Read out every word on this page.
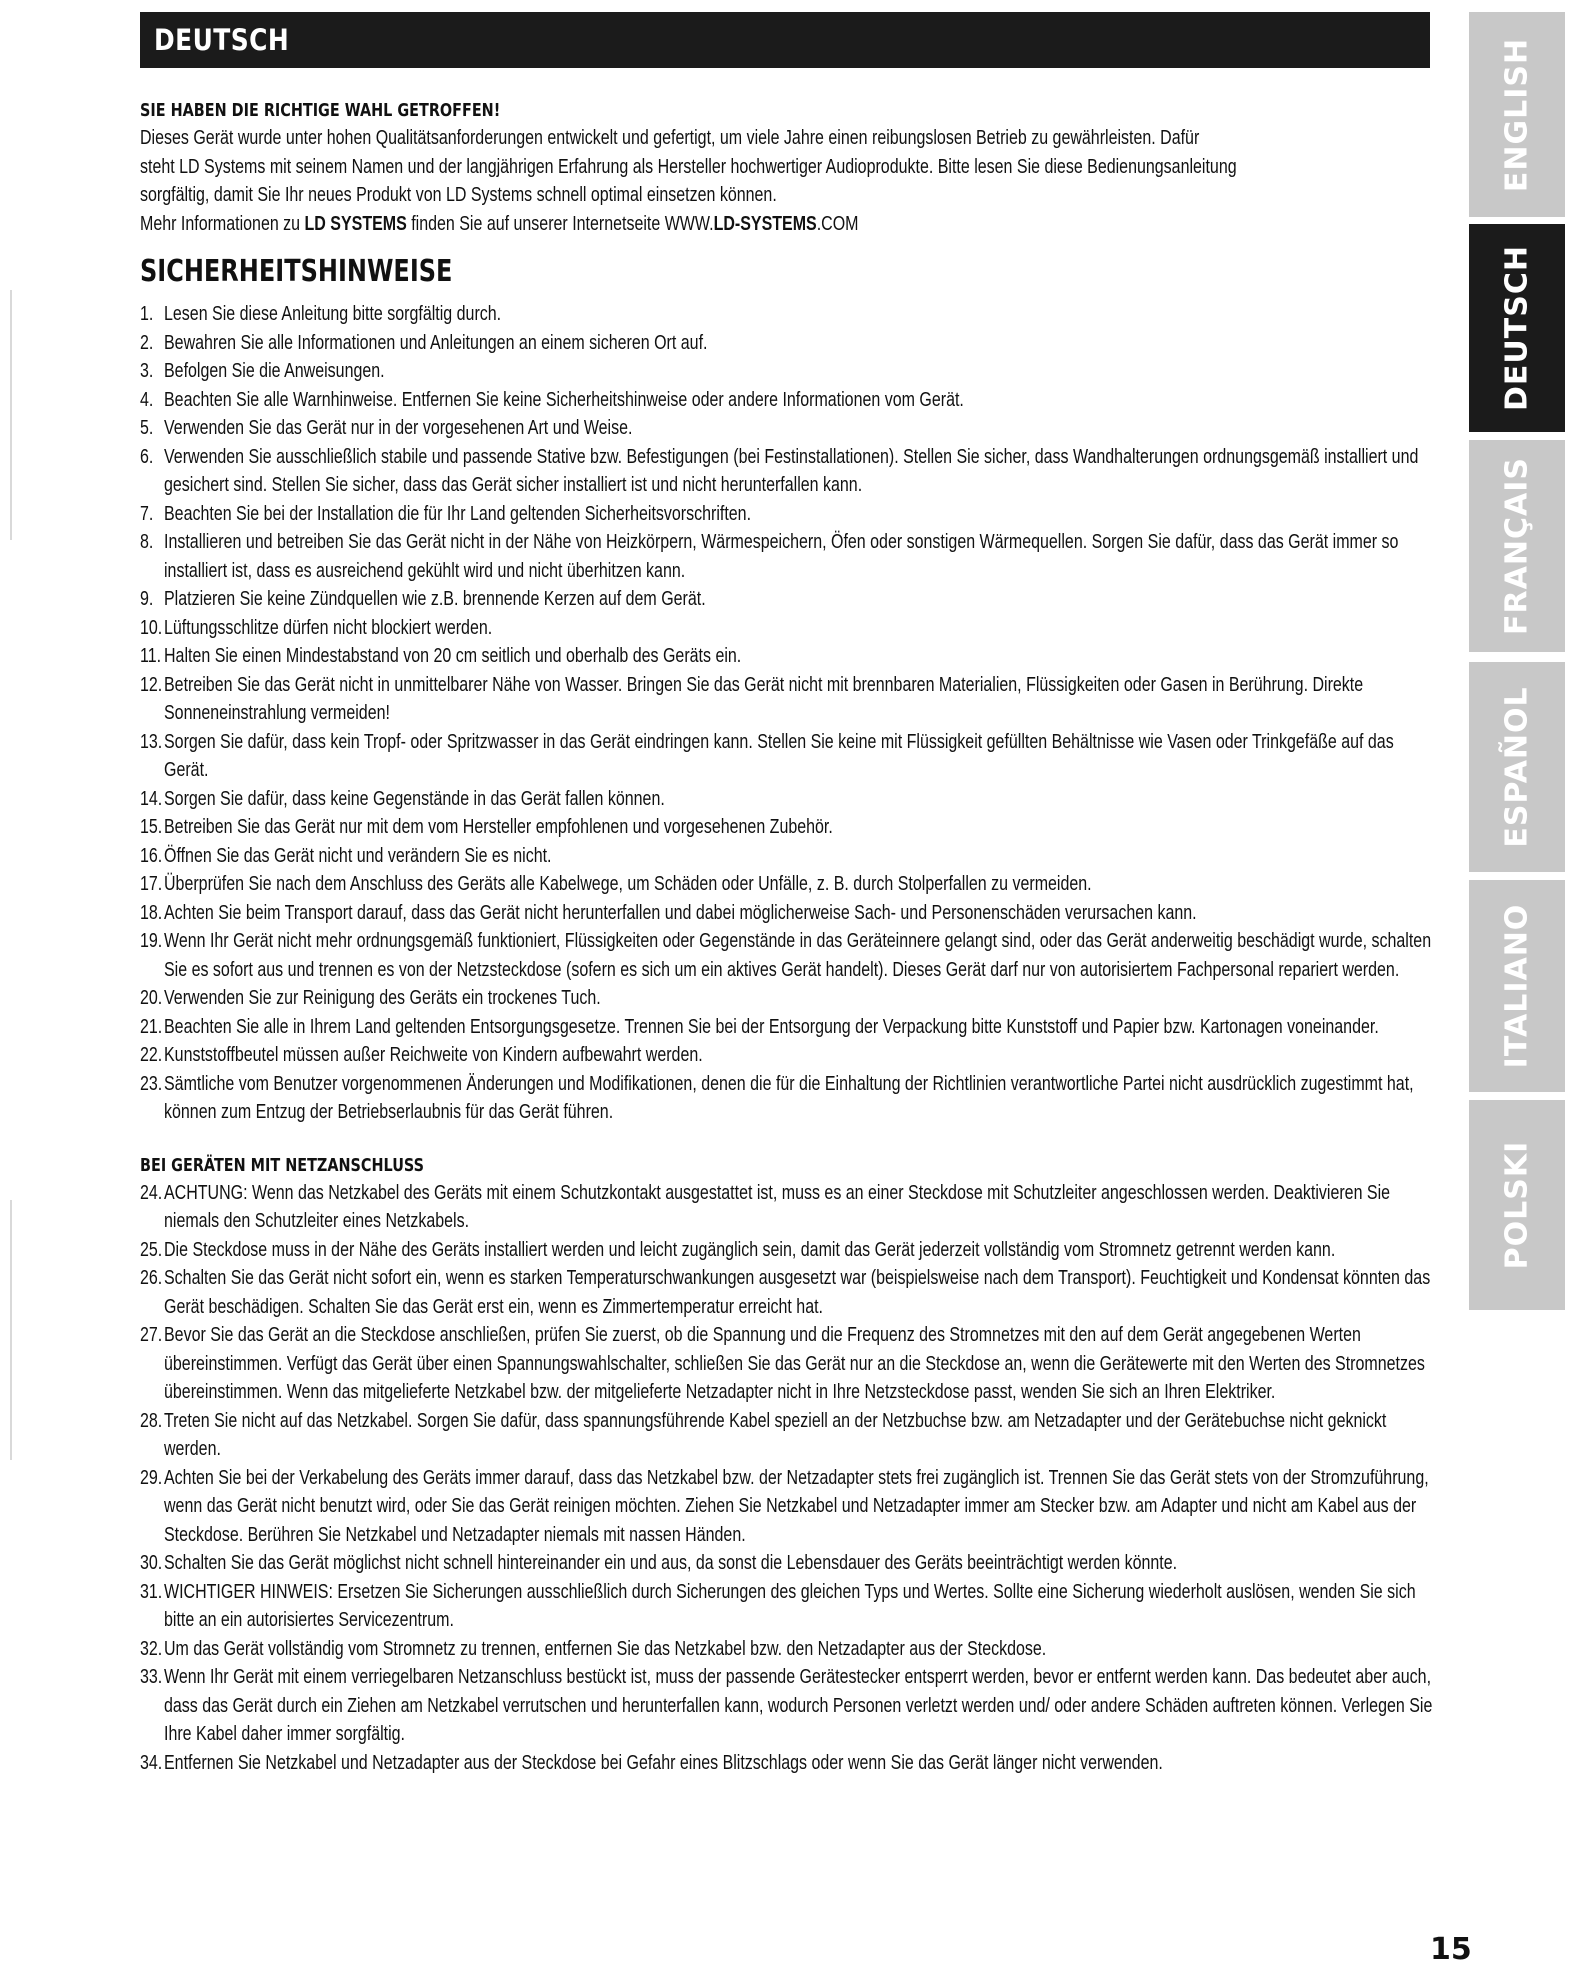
DEUTSCH
SIE HABEN DIE RICHTIGE WAHL GETROFFEN!

Dieses Gerät wurde unter hohen Qualitätsanforderungen entwickelt und gefertigt, um viele Jahre einen reibungslosen Betrieb zu gewährleisten. Dafür

steht LD Systems mit seinem Namen und der langjährigen Erfahrung als Hersteller hochwertiger Audioprodukte. Bitte lesen Sie diese Bedienungsanleitung

sorgfältig, damit Sie Ihr neues Produkt von LD Systems schnell optimal einsetzen können.

Mehr Informationen zu LD SYSTEMS finden Sie auf unserer Internetseite WWW.LD-SYSTEMS.COM

SICHERHEITSHINWEISE
1. Lesen Sie diese Anleitung bitte sorgfältig durch.
2. Bewahren Sie alle Informationen und Anleitungen an einem sicheren Ort auf.
3. Befolgen Sie die Anweisungen.
4. Beachten Sie alle Warnhinweise. Entfernen Sie keine Sicherheitshinweise oder andere Informationen vom Gerät.
5. Verwenden Sie das Gerät nur in der vorgesehenen Art und Weise.
6. Verwenden Sie ausschließlich stabile und passende Stative bzw. Befestigungen (bei Festinstallationen). Stellen Sie sicher, dass Wandhalterungen ordnungsgemäß installiert und gesichert sind. Stellen Sie sicher, dass das Gerät sicher installiert ist und nicht herunterfallen kann.
7. Beachten Sie bei der Installation die für Ihr Land geltenden Sicherheitsvorschriften.
8. Installieren und betreiben Sie das Gerät nicht in der Nähe von Heizkörpern, Wärmespeichern, Öfen oder sonstigen Wärmequellen. Sorgen Sie dafür, dass das Gerät immer so installiert ist, dass es ausreichend gekühlt wird und nicht überhitzen kann.
9. Platzieren Sie keine Zündquellen wie z.B. brennende Kerzen auf dem Gerät.
10. Lüftungsschlitze dürfen nicht blockiert werden.
11. Halten Sie einen Mindestabstand von 20 cm seitlich und oberhalb des Geräts ein.
12. Betreiben Sie das Gerät nicht in unmittelbarer Nähe von Wasser. Bringen Sie das Gerät nicht mit brennbaren Materialien, Flüssigkeiten oder Gasen in Berührung. Direkte Sonneneinstrahlung vermeiden!
13. Sorgen Sie dafür, dass kein Tropf- oder Spritzwasser in das Gerät eindringen kann. Stellen Sie keine mit Flüssigkeit gefüllten Behältnisse wie Vasen oder Trinkgefäße auf das Gerät.
14. Sorgen Sie dafür, dass keine Gegenstände in das Gerät fallen können.
15. Betreiben Sie das Gerät nur mit dem vom Hersteller empfohlenen und vorgesehenen Zubehör.
16. Öffnen Sie das Gerät nicht und verändern Sie es nicht.
17. Überprüfen Sie nach dem Anschluss des Geräts alle Kabelwege, um Schäden oder Unfälle, z. B. durch Stolperfallen zu vermeiden.
18. Achten Sie beim Transport darauf, dass das Gerät nicht herunterfallen und dabei möglicherweise Sach- und Personenschäden verursachen kann.
19. Wenn Ihr Gerät nicht mehr ordnungsgemäß funktioniert, Flüssigkeiten oder Gegenstände in das Geräteinnere gelangt sind, oder das Gerät anderweitig beschädigt wurde, schalten Sie es sofort aus und trennen es von der Netzsteckdose (sofern es sich um ein aktives Gerät handelt). Dieses Gerät darf nur von autorisiertem Fachpersonal repariert werden.
20. Verwenden Sie zur Reinigung des Geräts ein trockenes Tuch.
21. Beachten Sie alle in Ihrem Land geltenden Entsorgungsgesetze. Trennen Sie bei der Entsorgung der Verpackung bitte Kunststoff und Papier bzw. Kartonagen voneinander.
22. Kunststoffbeutel müssen außer Reichweite von Kindern aufbewahrt werden.
23. Sämtliche vom Benutzer vorgenommenen Änderungen und Modifikationen, denen die für die Einhaltung der Richtlinien verantwortliche Partei nicht ausdrücklich zugestimmt hat, können zum Entzug der Betriebserlaubnis für das Gerät führen.
BEI GERÄTEN MIT NETZANSCHLUSS
24. ACHTUNG: Wenn das Netzkabel des Geräts mit einem Schutzkontakt ausgestattet ist, muss es an einer Steckdose mit Schutzleiter angeschlossen werden. Deaktivieren Sie niemals den Schutzleiter eines Netzkabels.
25. Die Steckdose muss in der Nähe des Geräts installiert werden und leicht zugänglich sein, damit das Gerät jederzeit vollständig vom Stromnetz getrennt werden kann.
26. Schalten Sie das Gerät nicht sofort ein, wenn es starken Temperaturschwankungen ausgesetzt war (beispielsweise nach dem Transport). Feuchtigkeit und Kondensat könnten das Gerät beschädigen. Schalten Sie das Gerät erst ein, wenn es Zimmertemperatur erreicht hat.
27. Bevor Sie das Gerät an die Steckdose anschließen, prüfen Sie zuerst, ob die Spannung und die Frequenz des Stromnetzes mit den auf dem Gerät angegebenen Werten übereinstimmen. Verfügt das Gerät über einen Spannungswahlschalter, schließen Sie das Gerät nur an die Steckdose an, wenn die Gerätewerte mit den Werten des Stromnetzes übereinstimmen. Wenn das mitgelieferte Netzkabel bzw. der mitgelieferte Netzadapter nicht in Ihre Netzsteckdose passt, wenden Sie sich an Ihren Elektriker.
28. Treten Sie nicht auf das Netzkabel. Sorgen Sie dafür, dass spannungsführende Kabel speziell an der Netzbuchse bzw. am Netzadapter und der Gerätebuchse nicht geknickt werden.
29. Achten Sie bei der Verkabelung des Geräts immer darauf, dass das Netzkabel bzw. der Netzadapter stets frei zugänglich ist. Trennen Sie das Gerät stets von der Stromzuführung, wenn das Gerät nicht benutzt wird, oder Sie das Gerät reinigen möchten. Ziehen Sie Netzkabel und Netzadapter immer am Stecker bzw. am Adapter und nicht am Kabel aus der Steckdose. Berühren Sie Netzkabel und Netzadapter niemals mit nassen Händen.
30. Schalten Sie das Gerät möglichst nicht schnell hintereinander ein und aus, da sonst die Lebensdauer des Geräts beeinträchtigt werden könnte.
31. WICHTIGER HINWEIS: Ersetzen Sie Sicherungen ausschließlich durch Sicherungen des gleichen Typs und Wertes. Sollte eine Sicherung wiederholt auslösen, wenden Sie sich bitte an ein autorisiertes Servicezentrum.
32. Um das Gerät vollständig vom Stromnetz zu trennen, entfernen Sie das Netzkabel bzw. den Netzadapter aus der Steckdose.
33. Wenn Ihr Gerät mit einem verriegelbaren Netzanschluss bestückt ist, muss der passende Gerätestecker entsperrt werden, bevor er entfernt werden kann. Das bedeutet aber auch, dass das Gerät durch ein Ziehen am Netzkabel verrutschen und herunterfallen kann, wodurch Personen verletzt werden und/ oder andere Schäden auftreten können. Verlegen Sie Ihre Kabel daher immer sorgfältig.
34. Entfernen Sie Netzkabel und Netzadapter aus der Steckdose bei Gefahr eines Blitzschlags oder wenn Sie das Gerät länger nicht verwenden.
ENGLISH
DEUTSCH
FRANÇAIS
ESPAÑOL
ITALIANO
POLSKI
15
